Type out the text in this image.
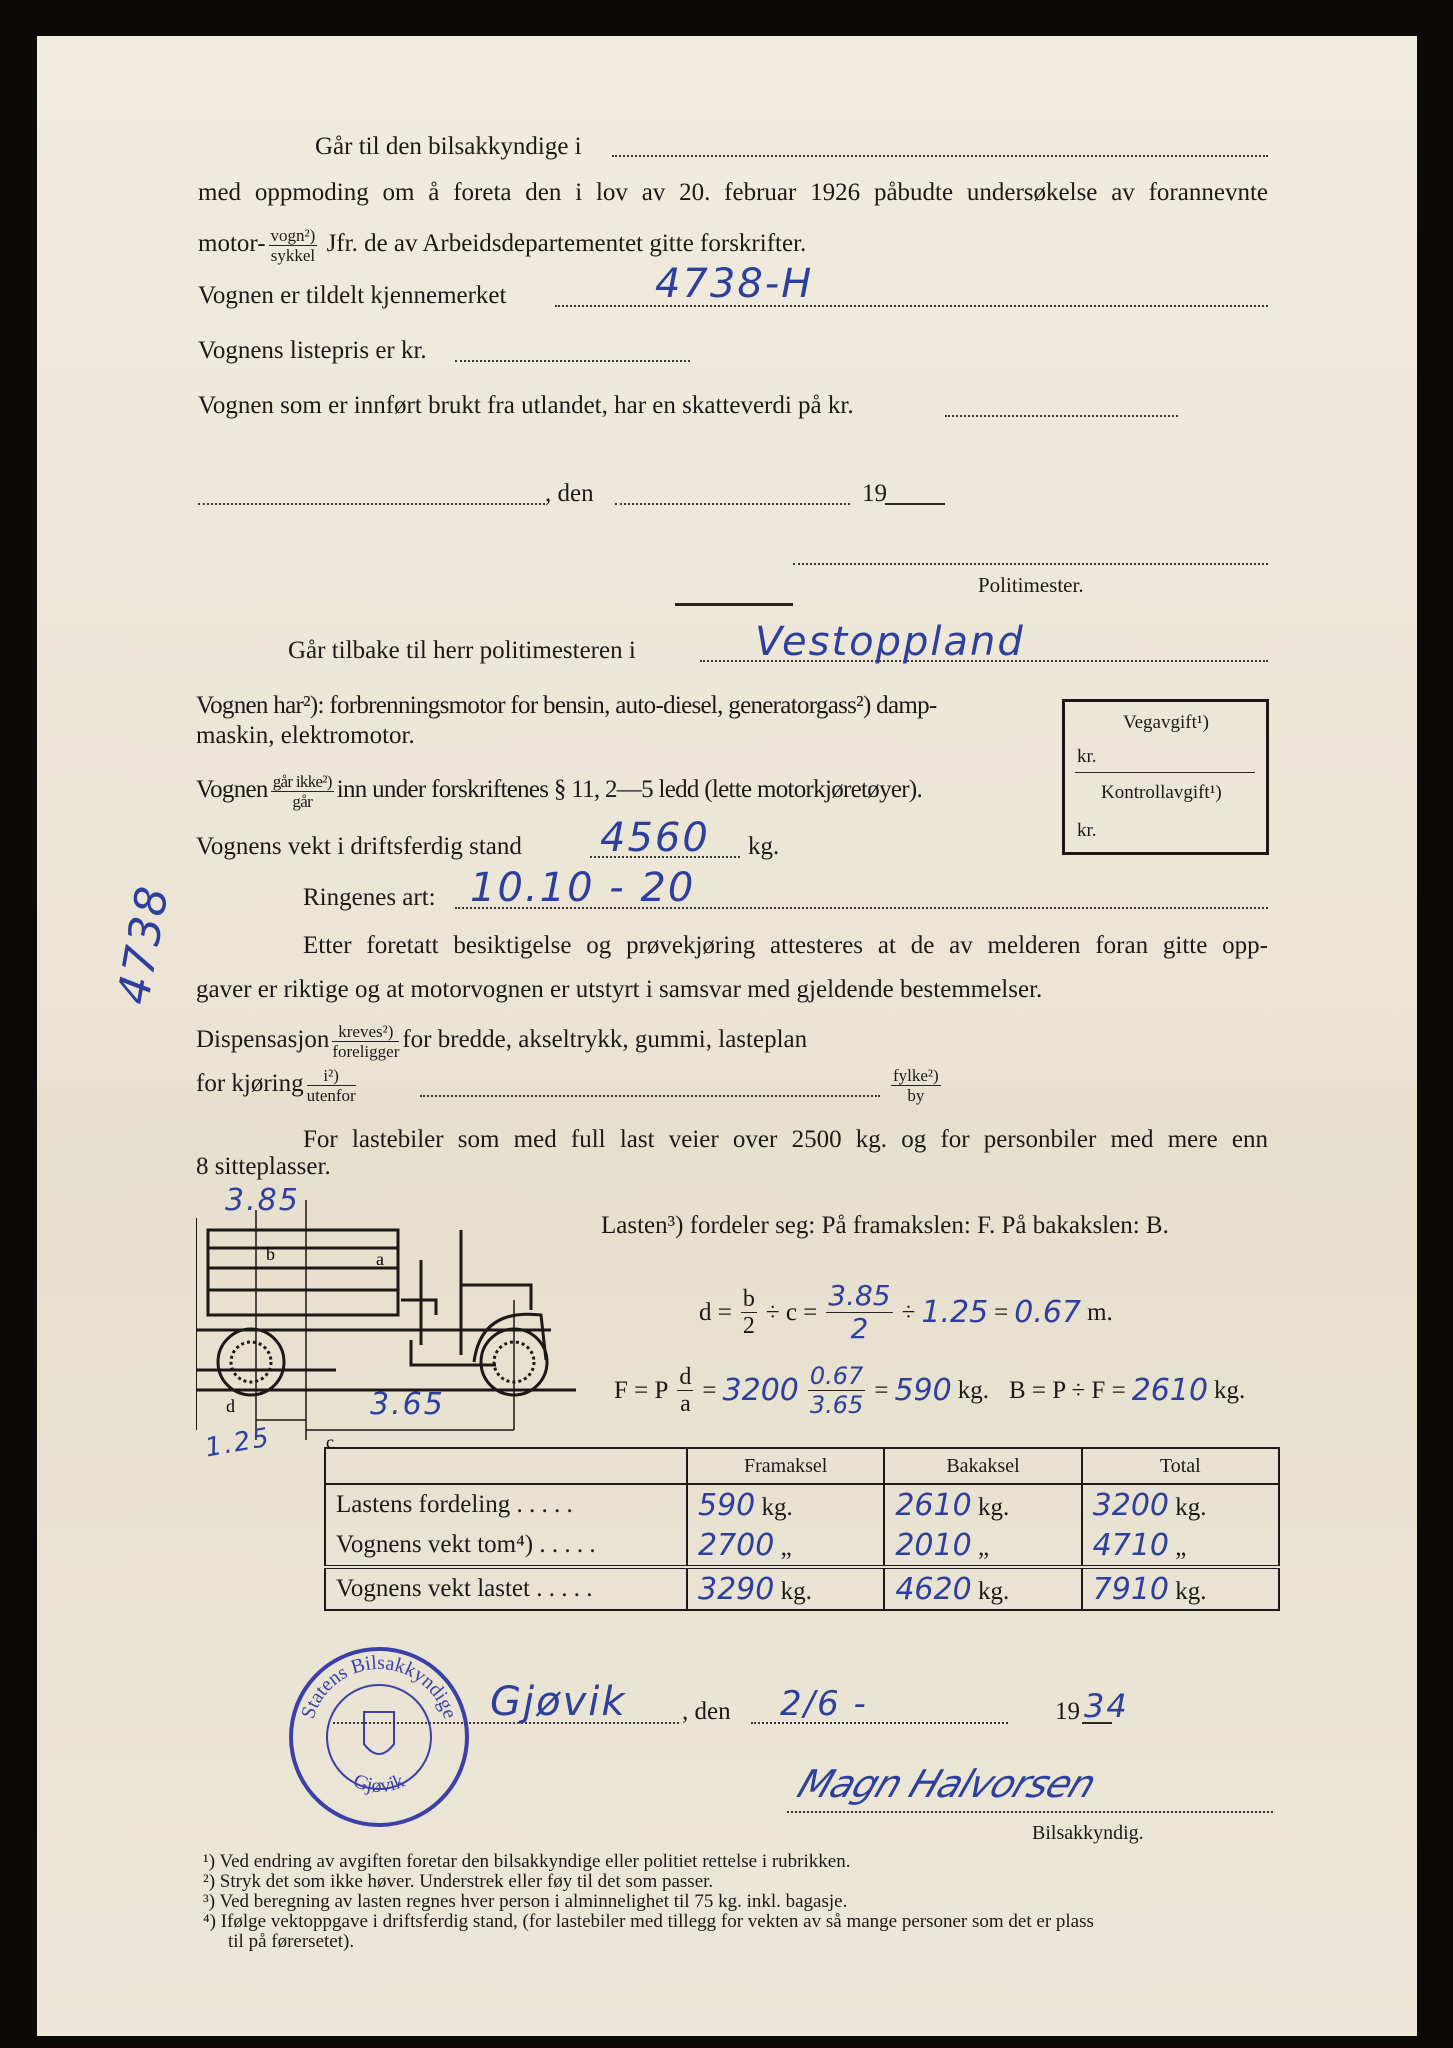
Går til den bilsakkyndige i
med oppmoding om å foreta den i lov av 20. februar 1926 påbudte undersøkelse av forannevnte
motor- $\frac{\text{vogn²)}}{\text{sykkel}}$ Jfr. de av Arbeidsdepartementet gitte forskrifter.
Vognen er tildelt kjennemerket	4738-H
Vognens listepris er kr.
Vognen som er innført brukt fra utlandet, har en skatteverdi på kr.
, den	19
Politimester.
Går tilbake til herr politimesteren i	Vestoppland
Vognen har²): forbrenningsmotor for bensin, auto-diesel, generatorgass²) damp-
maskin, elektromotor.	Vegavgift¹)
kr.
Kontrollavgift¹)
kr.
Vognen $\frac{\text{går ikke²)}}{\text{går}}$ inn under forskriftenes § 11, 2—5 ledd (lette motorkjøretøyer).
Vognens vekt i driftsferdig stand 4560 kg.
Ringenes art: 10.10 - 20
4738	Etter foretatt besiktigelse og prøvekjøring attesteres at de av melderen foran gitte opp-
gaver er riktige og at motorvognen er utstyrt i samsvar med gjeldende bestemmelser.
Dispensasjon $\frac{\text{kreves²)}}{\text{foreligger}}$ for bredde, akseltrykk, gummi, lasteplan
for kjøring $\frac{\text{i²)}}{\text{utenfor}}$	$\frac{\text{fylke²)}}{by}$
For lastebiler som med full last veier over 2500 kg. og for personbiler med mere enn
8 sitteplasser.
c
d
b	a
3.85
3.65
1.25
Lasten³) fordeler seg: På framakslen: F. På bakakslen: B.
$d = \frac{b}{2} \div c = \frac{3.85}{2} \div 1.25 = 0.67$ m.
F = P $\frac{d}{a} = 3200 \frac{0.67}{3.65} = 590$ kg. B = P ÷ F = 2610 kg.
	Framaksel	Bakaksel	Total
Lastens fordeling . . . . .	590 kg.	2610 kg.	3200 kg.
Vognens vekt tom⁴) . . . . .	2700 „	2010 „	4710 „
Vognens vekt lastet . . . . .	3290 kg.	4620 kg.	7910 kg.
Statens Bilsakkyndige
Gjøvik
Gjøvik , den 2/6 -	19 34
Magn Halvorsen
Bilsakkyndig.
¹) Ved endring av avgiften foretar den bilsakkyndige eller politiet rettelse i rubrikken.
²) Stryk det som ikke høver. Understrek eller føy til det som passer.
³) Ved beregning av lasten regnes hver person i alminnelighet til 75 kg. inkl. bagasje.
⁴) Ifølge vektoppgave i driftsferdig stand, (for lastebiler med tillegg for vekten av så mange personer som det er plass
til på førersetet).
